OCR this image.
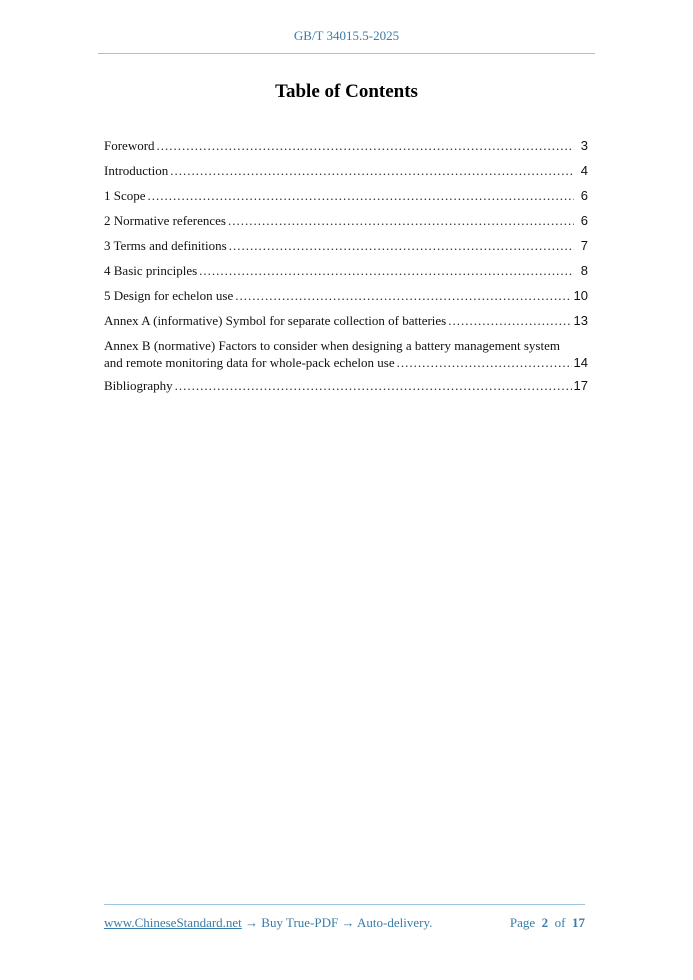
GB/T 34015.5-2025
Table of Contents
Foreword .....	3
Introduction .....	4
1 Scope .....	6
2 Normative references .....	6
3 Terms and definitions .....	7
4 Basic principles .....	8
5 Design for echelon use .....	10
Annex A (informative) Symbol for separate collection of batteries .....	13
Annex B (normative) Factors to consider when designing a battery management system
and remote monitoring data for whole-pack echelon use .....	14
Bibliography .....	17
www.ChineseStandard.net → Buy True-PDF → Auto-delivery.	Page 2 of 17
